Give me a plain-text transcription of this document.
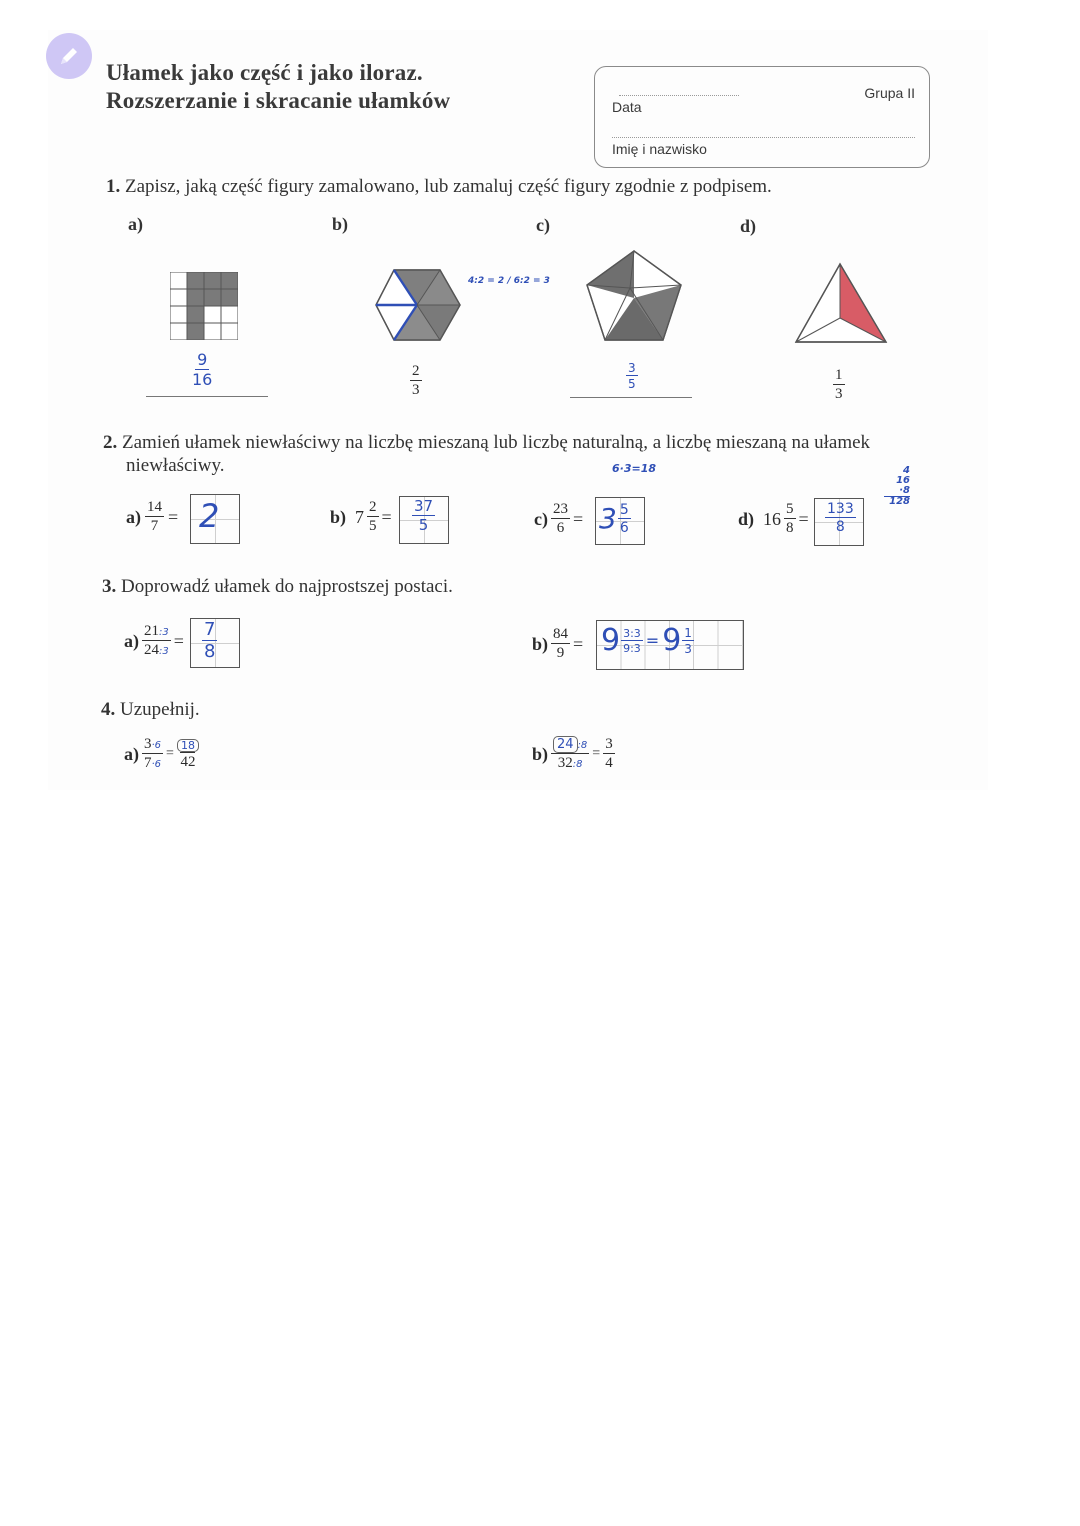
Ułamek jako część i jako iloraz.
Rozszerzanie i skracanie ułamków	Data
Grupa II
Imię i nazwisko
1. Zapisz, jaką część figury zamalowano, lub zamaluj część figury zgodnie z podpisem.
a)	b)	c)	d)
$\frac{9}{16}$
4:2 = 2 / 6:2 = 3
$\frac{2}{3}$	$\frac{3}{5}$	$\frac{1}{3}$
2. Zamień ułamek niewłaściwy na liczbę mieszaną lub liczbę naturalną, a liczbę mieszaną na ułamek
niewłaściwy.	6·3=18	4
16
·8
128
$a) \frac{14}{7} = 2$	b) $7 \frac{2}{5} = \frac{37}{5}$	$c) \frac{23}{6} = 3 \frac{5}{6}$	d) $16 \frac{5}{8} = \frac{133}{8}$
3. Doprowadź ułamek do najprostszej postaci.
$a) \frac{21:3}{24:3} = \frac{7}{8}$	$b) \frac{84}{9} = 9 \frac{3:3}{9:3} = 9 \frac{1}{3}$
4. Uzupełnij.
$a) \frac{3\cdot 6}{7\cdot 6} = \frac{18}{42}$	$b) \frac{24 :8}{32:8} = \frac{3}{4}$
